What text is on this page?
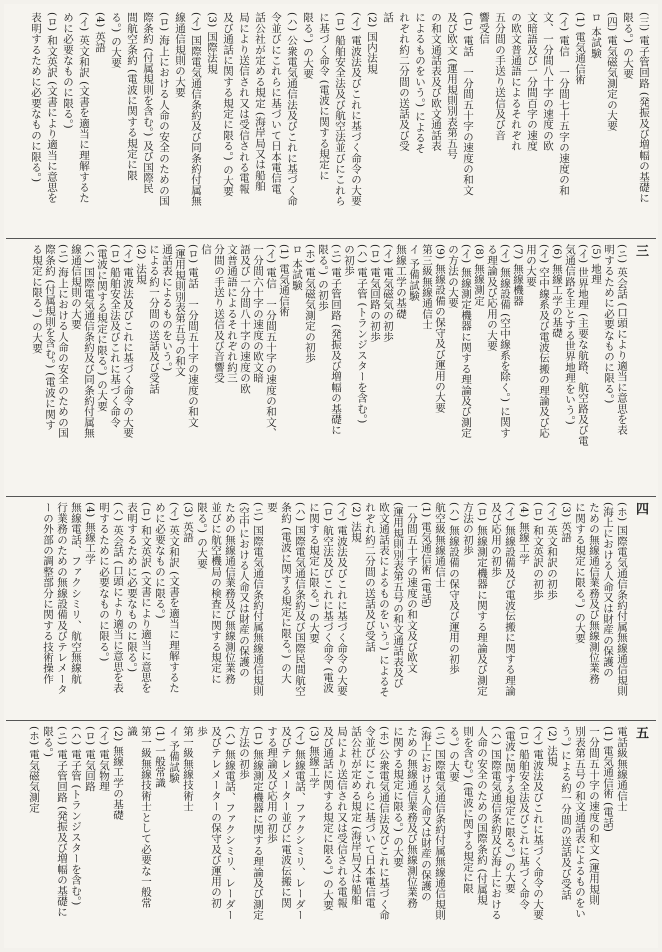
(三) 電子管回路 (発振及び増幅の基礎に
限る。) の大要
(四) 電気磁気測定の大要
ロ 本試験
(1) 電気通信術
(イ) 電信　一分間七十五字の速度の和
文、一分間八十字の速度の欧
文暗語及び一分間百字の速度
の欧文普通語によるそれぞれ
五分間の手送り送信及び音
響受信
(ロ) 電話　一分間五十字の速度の和文
及び欧文 (運用規則別表第五号
の和文通話表及び欧文通話表
によるものをいう。) によるそ
れぞれ約二分間の送話及び受
話
(2) 国内法規
(イ) 電波法及びこれに基づく命令の大要
(ロ) 船舶安全法及び航空法並びにこれら
に基づく命令 (電波に関する規定に
限る。) の大要
(ハ) 公衆電気通信法及びこれに基づく命
令並びにこれらに基づいて日本電信電
話公社が定める規定 (海岸局又は船舶
局により送信され又は受信される電報
及び通話に関する規定に限る。) の大要
(3) 国際法規
(イ) 国際電気通信条約及び同条約付属無
線通信規則の大要
(ロ) 海上における人命の安全のための国
際条約 (付属規則を含む。) 及び国際民
間航空条約 (電波に関する規定に限
る。) の大要
(4) 英語
(イ) 英文和訳 (文書を適当に理解するた
めに必要なものに限る。)
(ロ) 和文英訳 (文書により適当に意思を
表明するために必要なものに限る。)
三
(ニ) 英会話 (口頭により適当に意思を表
明するために必要なものに限る。)
(5) 地理
(イ) 世界地理 (主要な航路、航空路及び電
気通信路を主とする世界地理をいう。)
(6) 無線工学の基礎
(イ) 空中線系及び電波伝搬の理論及び応
用の大要
(7) 無線機器
(イ) 無線設備 (空中線系を除く。) に関す
る理論及び応用の大要
(8) 無線測定
(イ) 無線測定機器に関する理論及び測定
の方法の大要
(9) 無線設備の保守及び運用の大要
第三級無線通信士
イ 予備試験
無線工学の基礎
(イ) 電気磁気の初歩
(ロ) 電気回路の初歩
(ハ) 電子管 (トランジスターを含む。)
の初歩
(ニ) 電子管回路 (発振及び増幅の基礎に
限る。) の初歩
(ホ) 電気磁気測定の初歩
ロ 本試験
(1) 電気通信術
(イ) 電信　一分間五十字の速度の和文、
一分間六十字の速度の欧文暗
語及び一分間八十字の速度の欧
文普通語によるそれぞれ約三
分間の手送り送信及び音響受
信
(ロ) 電話　一分間五十字の速度の和文
(運用規則別表第五号の和文
通話表によるものをいう。)
による約一分間の送話及び受話
(2) 法規
(イ) 電波法及びこれに基づく命令の大要
(ロ) 船舶安全法及びこれに基づく命令
(電波に関する規定に限る。) の大要
(ハ) 国際電気通信条約及び同条約付属無
線通信規則の大要
(ニ) 海上における人命の安全のための国
際条約 (付属規則を含む。) (電波に関す
る規定に限る。) の大要
四
(ホ) 国際電気通信条約付属無線通信規則
(海上における人命又は財産の保護の
ための無線通信業務及び無線測位業務
に関する規定に限る。) の大要
(3) 英語
(イ) 英文和訳の初歩
(ロ) 和文英訳の初歩
(4) 無線工学
(イ) 無線設備及び電波伝搬に関する理論
及び応用の初歩
(ロ) 無線測定機器に関する理論及び測定
方法の初歩
(ハ) 無線設備の保守及び運用の初歩
航空級無線通信士
(1) 電気通信術 (電話)
一分間五十字の速度の和文及び欧文
(運用規則別表第五号の和文通話表及び
欧文通話表によるものをいう。) によるそ
れぞれ約二分間の送話及び受話
(2) 法規
(イ) 電波法及びこれに基づく命令の大要
(ロ) 航空法及びこれに基づく命令 (電波
に関する規定に限る。) の大要
(ハ) 国際電気通信条約及び国際民間航空
条約 (電波に関する規定に限る。) の大
要
(ニ) 国際電気通信条約付属無線通信規則
(空中における人命又は財産の保護の
ための無線通信業務及び無線測位業務
並びに航空機局の検査に関する規定に
限る。) の大要
(3) 英語
(イ) 英文和訳 (文書を適当に理解するた
めに必要なものに限る。)
(ロ) 和文英訳 (文書により適当に意思を
表明するために必要なものに限る。)
(ハ) 英会話 (口頭により適当に意思を表
明するために必要なものに限る。)
(4) 無線工学
無線電話、ファクシミリ、航空無線航
行業務のための無線設備及びテレメータ
ーの外部の調整部分に関する技術操作
五
電話級無線通信士
(1) 電気通信術 (電話)
一分間五十字の速度の和文 (運用規則
別表第五号の和文通話表によるものをい
う。) による約一分間の送話及び受話
(2) 法規
(イ) 電波法及びこれに基づく命令の大要
(ロ) 船舶安全法及びこれに基づく命令
(電波に関する規定に限る。) の大要
(ハ) 国際電気通信条約及び海上における
人命の安全のための国際条約 (付属規
則を含む。) (電波に関する規定に限
る。) の大要
(ニ) 国際電気通信条約付属無線通信規則
(海上における人命又は財産の保護の
ための無線通信業務及び無線測位業務
に関する規定に限る。) の大要
(ホ) 公衆電気通信法及びこれに基づく命
令並びにこれらに基づいて日本電信電
話公社が定める規定 (海岸局又は船舶
局により送信され又は受信される電報
及び通話に関する規定に限る。) の大要
(3) 無線工学
(イ) 無線電話、ファクシミリ、レーダー
及びテレメーター並びに電波伝搬に関
する理論及び応用の初歩
(ロ) 無線測定機器に関する理論及び測定
方法の初歩
(ハ) 無線電話、ファクシミリ、レーダー
及びテレメーターの保守及び運用の初
歩
第一級無線技術士
イ 予備試験
(1) 一般常識
第一級無線技術士として必要な一般常
識
(2) 無線工学の基礎
(イ) 電気物理
(ロ) 電気回路
(ハ) 電子管 (トランジスターを含む。)
(ニ) 電子管回路 (発振及び増幅の基礎に
限る。)
(ホ) 電気磁気測定
